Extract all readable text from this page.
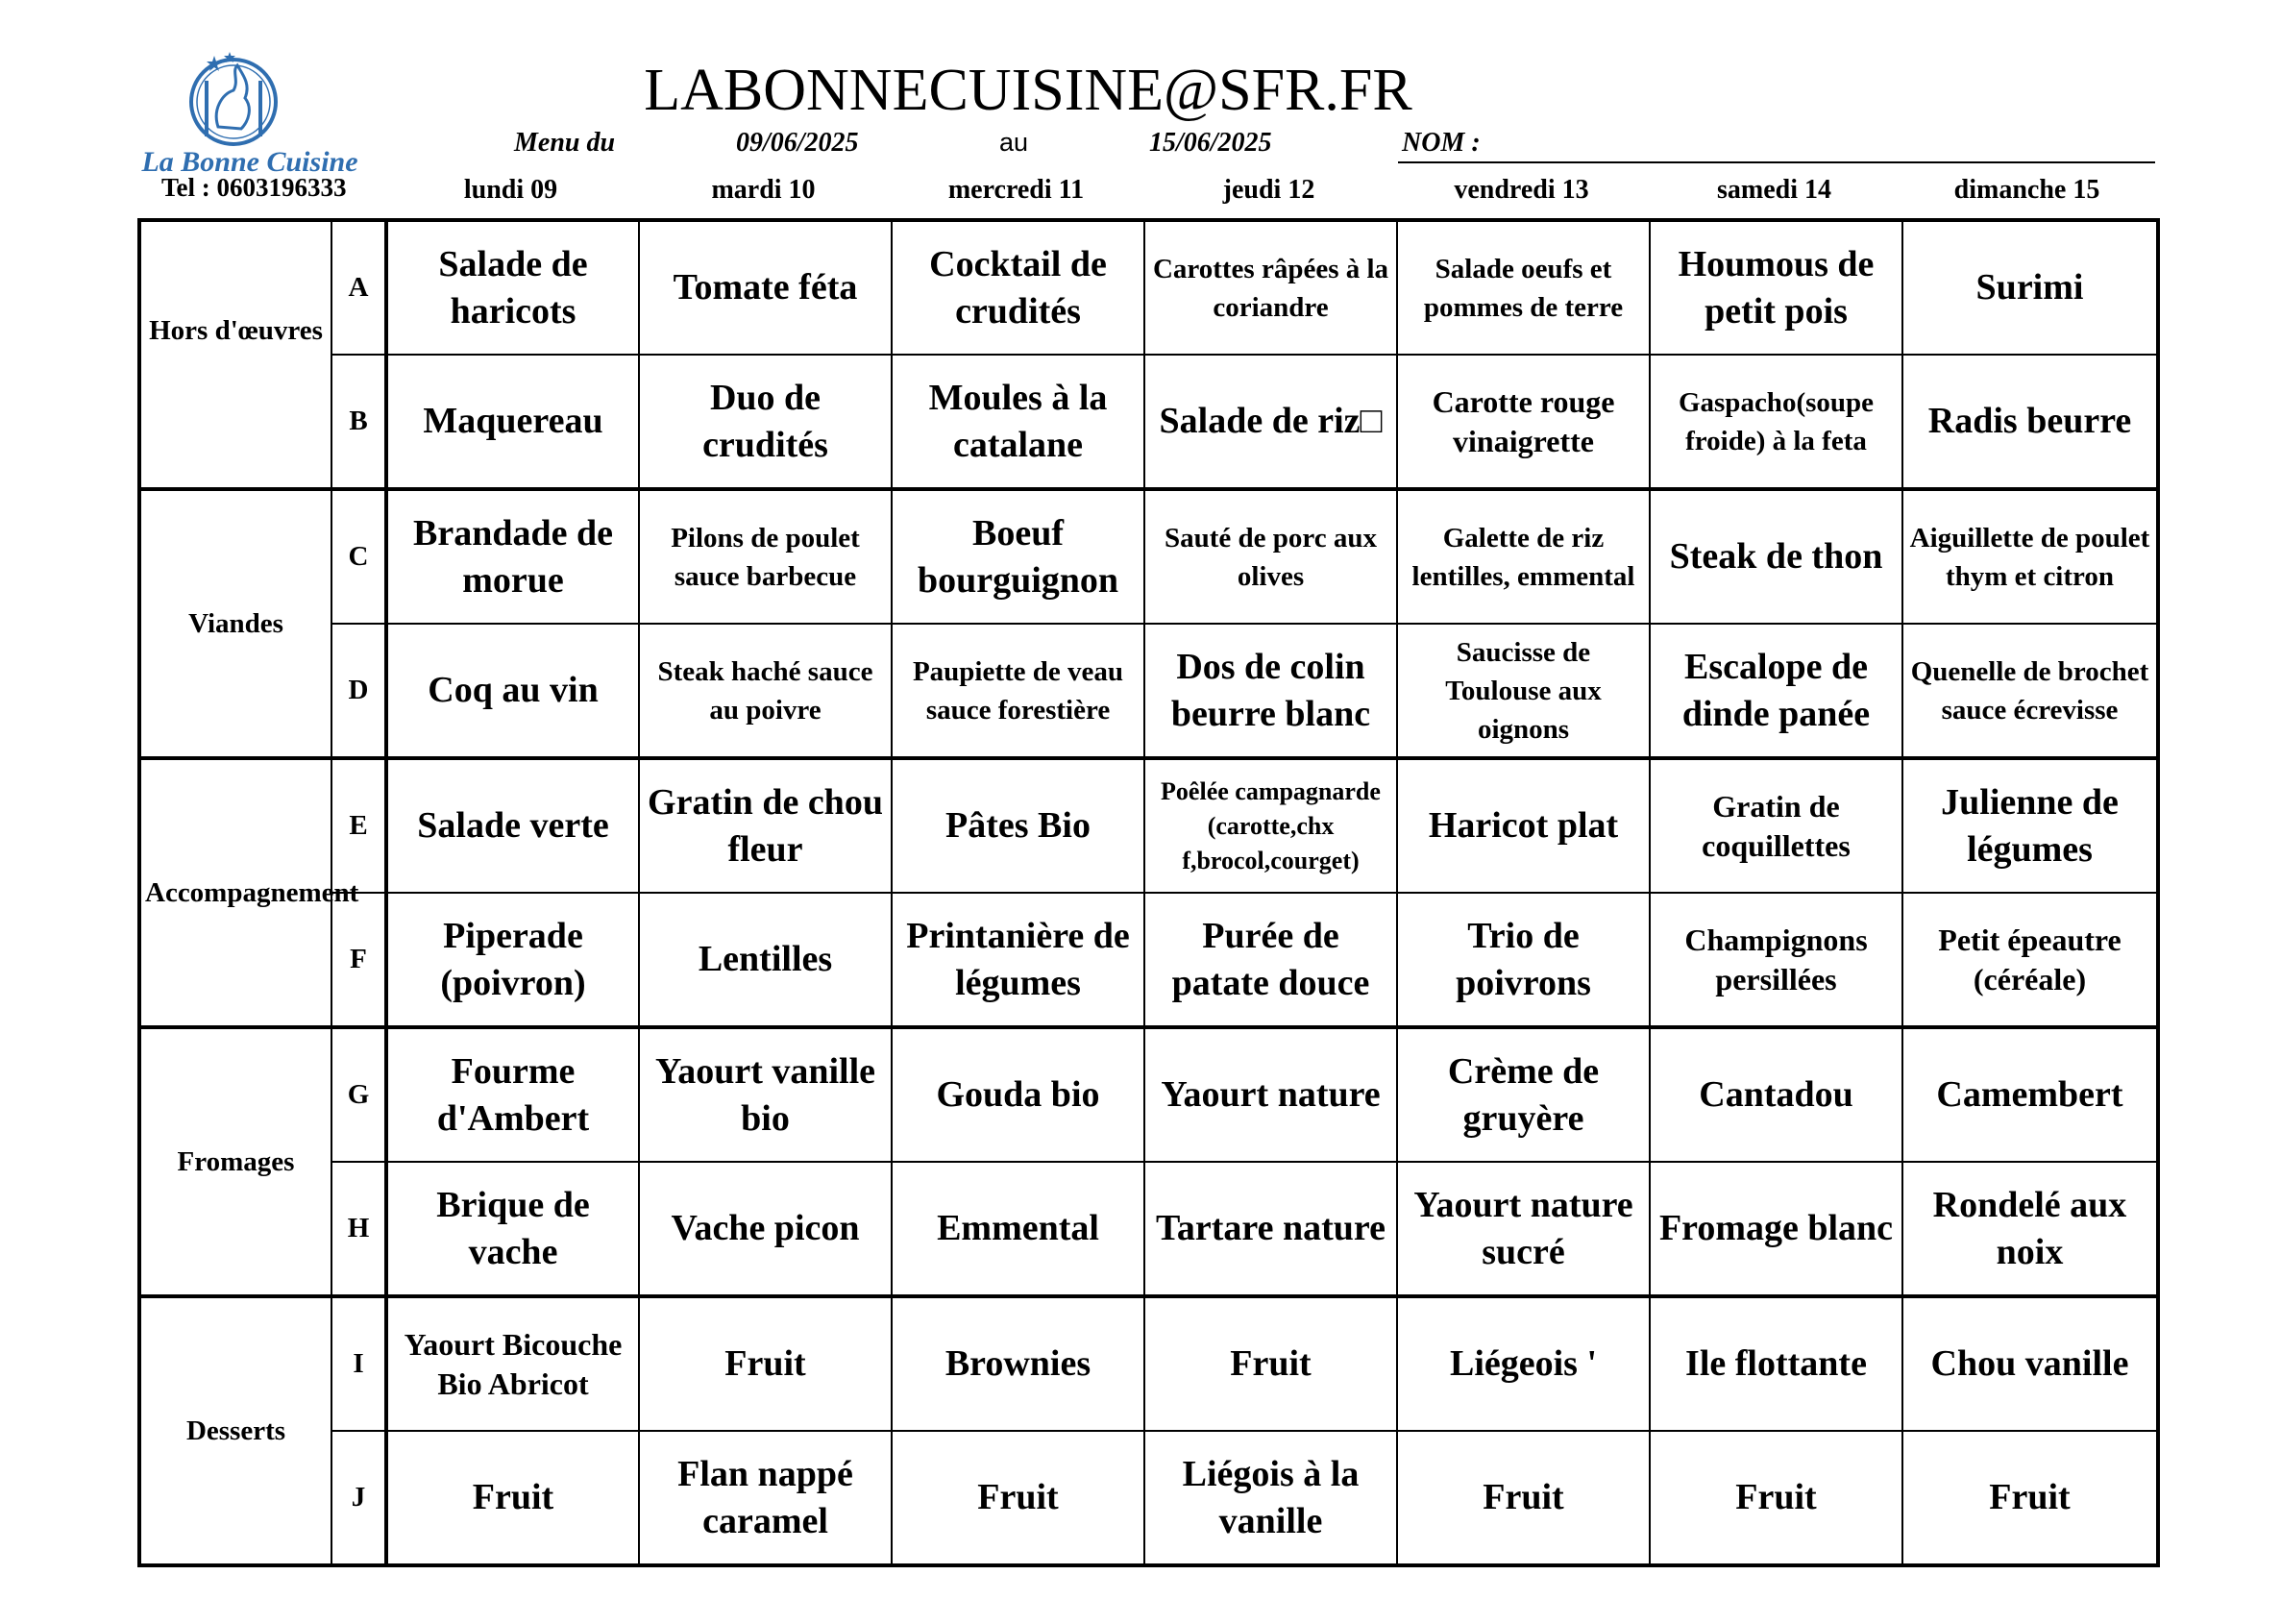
La Bonne Cuisine
Tel : 0603196333
LABONNECUISINE@SFR.FR
Menu du	09/06/2025	au	15/06/2025	NOM :
lundi 09	mardi 10	mercredi 11	jeudi 12	vendredi 13	samedi 14	dimanche 15
Hors d'œuvres	A	Salade de haricots	Tomate féta	Cocktail de crudités	Carottes râpées à la coriandre	Salade oeufs et pommes de terre	Houmous de petit pois	Surimi
	B	Maquereau	Duo de crudités	Moules à la catalane	Salade de riz□	Carotte rouge vinaigrette	Gaspacho(soupe froide) à la feta	Radis beurre
Viandes	C	Brandade de morue	Pilons de poulet sauce barbecue	Boeuf bourguignon	Sauté de porc aux olives	Galette de riz lentilles, emmental	Steak de thon	Aiguillette de poulet thym et citron
	D	Coq au vin	Steak haché sauce au poivre	Paupiette de veau sauce forestière	Dos de colin beurre blanc	Saucisse de Toulouse aux oignons	Escalope de dinde panée	Quenelle de brochet sauce écrevisse
Accompagnement	E	Salade verte	Gratin de chou fleur	Pâtes Bio	Poêlée campagnarde (carotte,chx f,brocol,courget)	Haricot plat	Gratin de coquillettes	Julienne de légumes
	F	Piperade (poivron)	Lentilles	Printanière de légumes	Purée de patate douce	Trio de poivrons	Champignons persillées	Petit épeautre (céréale)
Fromages	G	Fourme d'Ambert	Yaourt vanille bio	Gouda bio	Yaourt nature	Crème de gruyère	Cantadou	Camembert
	H	Brique de vache	Vache picon	Emmental	Tartare nature	Yaourt nature sucré	Fromage blanc	Rondelé aux noix
Desserts	I	Yaourt Bicouche Bio Abricot	Fruit	Brownies	Fruit	Liégeois '	Ile flottante	Chou vanille
	J	Fruit	Flan nappé caramel	Fruit	Liégois à la vanille	Fruit	Fruit	Fruit
